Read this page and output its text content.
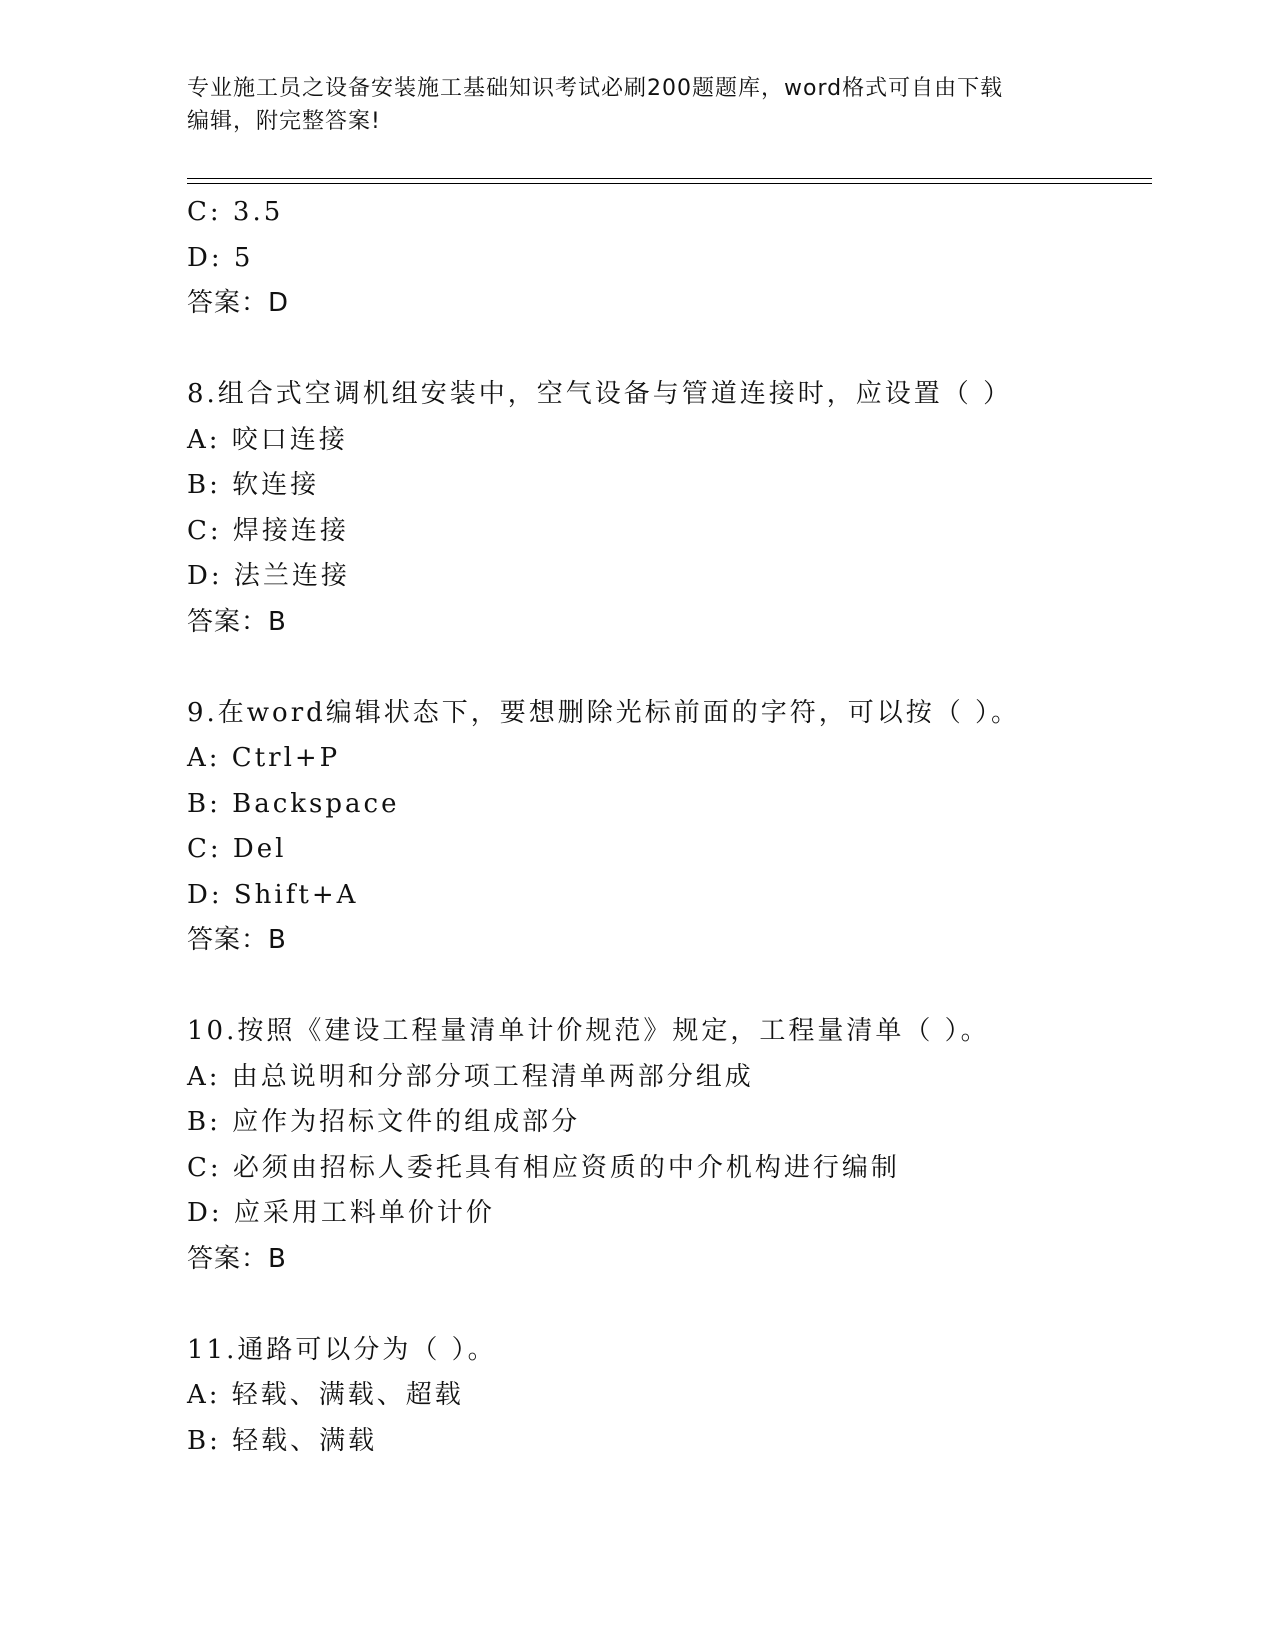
专业施工员之设备安装施工基础知识考试必刷200题题库，word格式可自由下载
编辑，附完整答案!
C: 3.5
D: 5
答案：D
8.组合式空调机组安装中，空气设备与管道连接时，应设置（ ）
A: 咬口连接
B: 软连接
C: 焊接连接
D: 法兰连接
答案：B
9.在word编辑状态下，要想删除光标前面的字符，可以按（ ）。
A: Ctrl+P
B: Backspace
C: Del
D: Shift+A
答案：B
10.按照《建设工程量清单计价规范》规定，工程量清单（ ）。
A: 由总说明和分部分项工程清单两部分组成
B: 应作为招标文件的组成部分
C: 必须由招标人委托具有相应资质的中介机构进行编制
D: 应采用工料单价计价
答案：B
11.通路可以分为（ ）。
A: 轻载、满载、超载
B: 轻载、满载
